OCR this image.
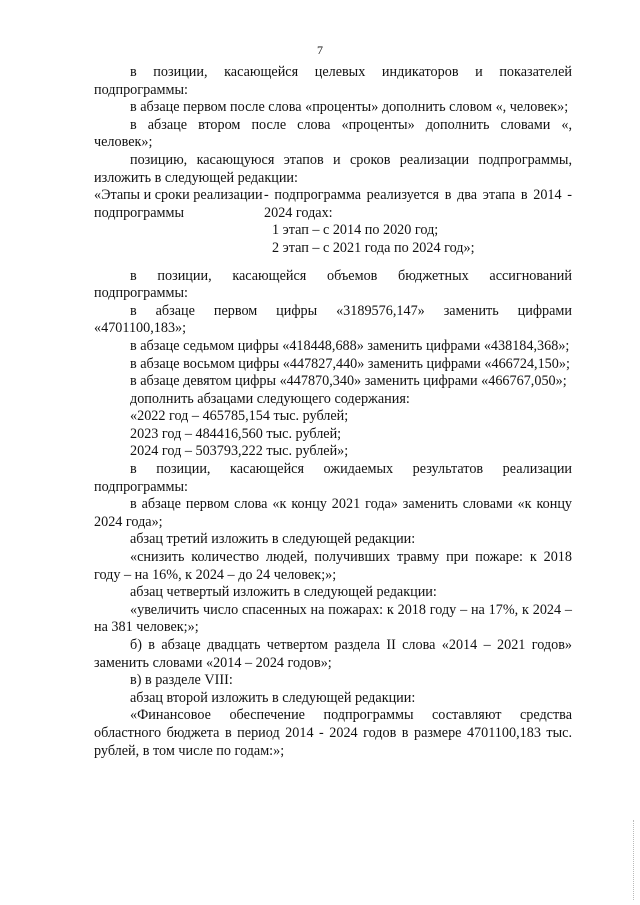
7

в позиции, касающейся целевых индикаторов и показателей подпрограммы:

в абзаце первом после слова «проценты» дополнить словом «, человек»;

в абзаце втором после слова «проценты» дополнить словами «, человек»;

позицию, касающуюся этапов и сроков реализации подпрограммы, изложить в следующей редакции:

«Этапы и сроки реализации подпрограммы

- подпрограмма реализуется в два этапа в 2014 - 2024 годах:

1 этап – с 2014 по 2020 год;

2 этап – с 2021 года по 2024 год»;

в позиции, касающейся объемов бюджетных ассигнований подпрограммы:

в абзаце первом цифры «3189576,147» заменить цифрами «4701100,183»;

в абзаце седьмом цифры «418448,688» заменить цифрами «438184,368»;

в абзаце восьмом цифры «447827,440» заменить цифрами «466724,150»;

в абзаце девятом цифры «447870,340» заменить цифрами «466767,050»;

дополнить абзацами следующего содержания:

«2022 год – 465785,154 тыс. рублей;

2023 год – 484416,560 тыс. рублей;

2024 год – 503793,222 тыс. рублей»;

в позиции, касающейся ожидаемых результатов реализации подпрограммы:

в абзаце первом слова «к концу 2021 года» заменить словами «к концу 2024 года»;

абзац третий изложить в следующей редакции:

«снизить количество людей, получивших травму при пожаре: к 2018 году – на 16%, к 2024 – до 24 человек;»;

абзац четвертый изложить в следующей редакции:

«увеличить число спасенных на пожарах: к 2018 году – на 17%, к 2024 – на 381 человек;»;

б) в абзаце двадцать четвертом раздела II слова «2014 – 2021 годов» заменить словами «2014 – 2024 годов»;

в) в разделе VIII:

абзац второй изложить в следующей редакции:

«Финансовое обеспечение подпрограммы составляют средства областного бюджета в период 2014 - 2024 годов в размере 4701100,183 тыс. рублей, в том числе по годам:»;
